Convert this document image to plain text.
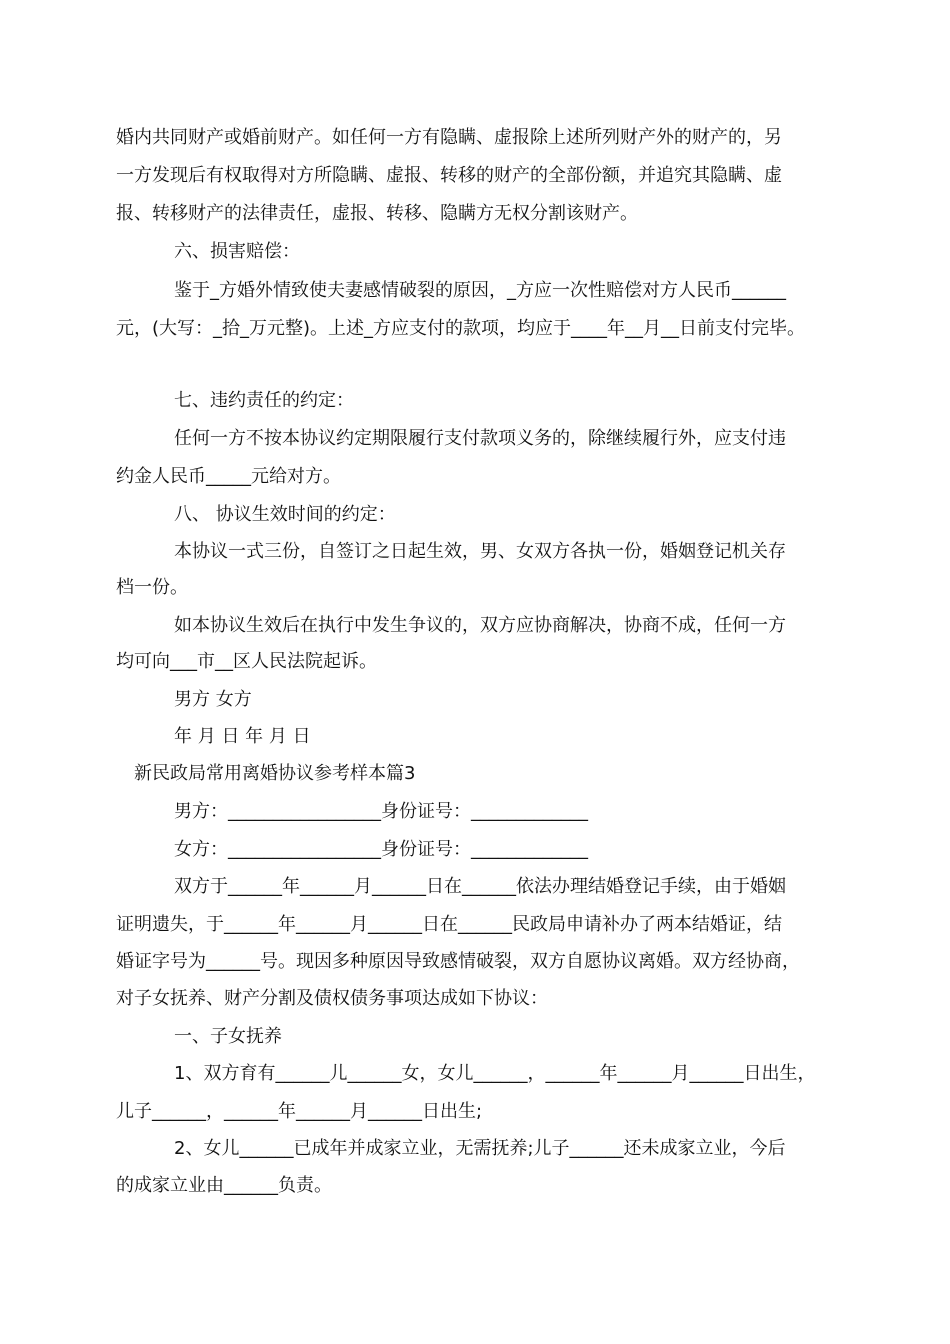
婚内共同财产或婚前财产。如任何一方有隐瞒、虚报除上述所列财产外的财产的，另
一方发现后有权取得对方所隐瞒、虚报、转移的财产的全部份额，并追究其隐瞒、虚
报、转移财产的法律责任，虚报、转移、隐瞒方无权分割该财产。
六、损害赔偿：
鉴于_方婚外情致使夫妻感情破裂的原因，_方应一次性赔偿对方人民币______
元，(大写：_拾_万元整)。上述_方应支付的款项，均应于____年__月__日前支付完毕。
七、违约责任的约定：
任何一方不按本协议约定期限履行支付款项义务的，除继续履行外，应支付违
约金人民币_____元给对方。
八、 协议生效时间的约定：
本协议一式三份，自签订之日起生效，男、女双方各执一份，婚姻登记机关存
档一份。
如本协议生效后在执行中发生争议的，双方应协商解决，协商不成，任何一方
均可向___市__区人民法院起诉。
男方 女方
年 月 日 年 月 日
新民政局常用离婚协议参考样本篇3
男方：_________________身份证号：_____________
女方：_________________身份证号：_____________
双方于______年______月______日在______依法办理结婚登记手续，由于婚姻
证明遗失，于______年______月______日在______民政局申请补办了两本结婚证，结
婚证字号为______号。现因多种原因导致感情破裂，双方自愿协议离婚。双方经协商，
对子女抚养、财产分割及债权债务事项达成如下协议：
一、子女抚养
1、双方育有______儿______女，女儿______，______年______月______日出生，
儿子______，______年______月______日出生;
2、女儿______已成年并成家立业，无需抚养;儿子______还未成家立业，今后
的成家立业由______负责。
